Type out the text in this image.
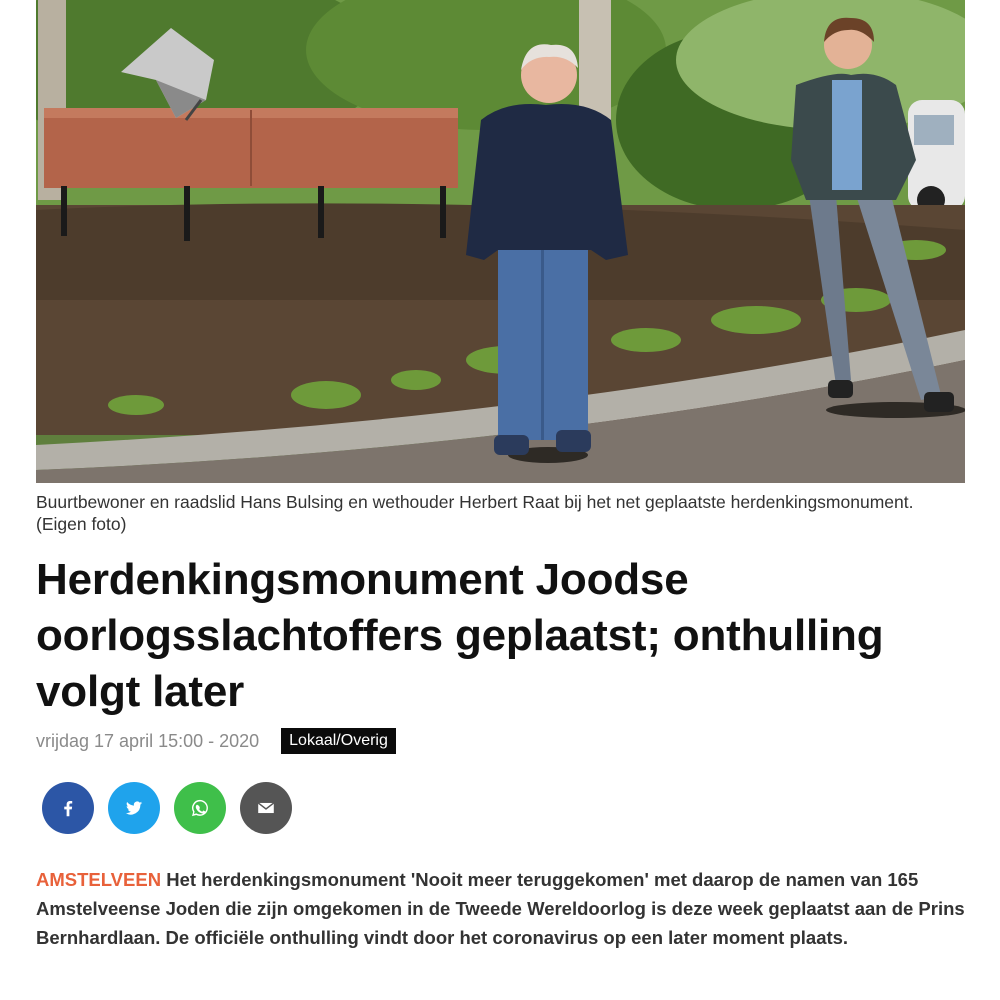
Buurtbewoner en raadslid Hans Bulsing en wethouder Herbert Raat bij het net geplaatste herdenkingsmonument. (Eigen foto)
Herdenkingsmonument Joodse oorlogsslachtoffers geplaatst; onthulling volgt later
vrijdag 17 april 15:00 - 2020	Lokaal/Overig

AMSTELVEEN Het herdenkingsmonument 'Nooit meer teruggekomen' met daarop de namen van 165 Amstelveense Joden die zijn omgekomen in de Tweede Wereldoorlog is deze week geplaatst aan de Prins Bernhardlaan. De officiële onthulling vindt door het coronavirus op een later moment plaats.
